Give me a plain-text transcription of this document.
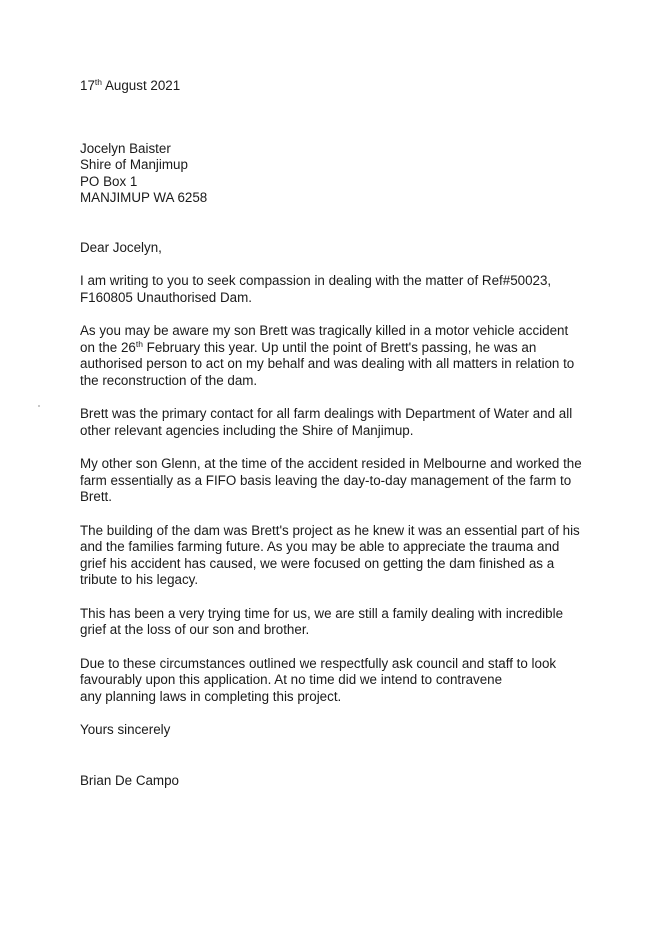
17th August 2021

Jocelyn Baister

Shire of Manjimup

PO Box 1

MANJIMUP WA 6258

Dear Jocelyn,

I am writing to you to seek compassion in dealing with the matter of Ref#50023,

F160805 Unauthorised Dam.

As you may be aware my son Brett was tragically killed in a motor vehicle accident

on the 26th February this year. Up until the point of Brett's passing, he was an

authorised person to act on my behalf and was dealing with all matters in relation to

the reconstruction of the dam.

Brett was the primary contact for all farm dealings with Department of Water and all

other relevant agencies including the Shire of Manjimup.

My other son Glenn, at the time of the accident resided in Melbourne and worked the

farm essentially as a FIFO basis leaving the day-to-day management of the farm to

Brett.

The building of the dam was Brett's project as he knew it was an essential part of his

and the families farming future. As you may be able to appreciate the trauma and

grief his accident has caused, we were focused on getting the dam finished as a

tribute to his legacy.

This has been a very trying time for us, we are still a family dealing with incredible

grief at the loss of our son and brother.

Due to these circumstances outlined we respectfully ask council and staff to look

favourably upon this application. At no time did we intend to contravene

any planning laws in completing this project.

Yours sincerely

Brian De Campo
